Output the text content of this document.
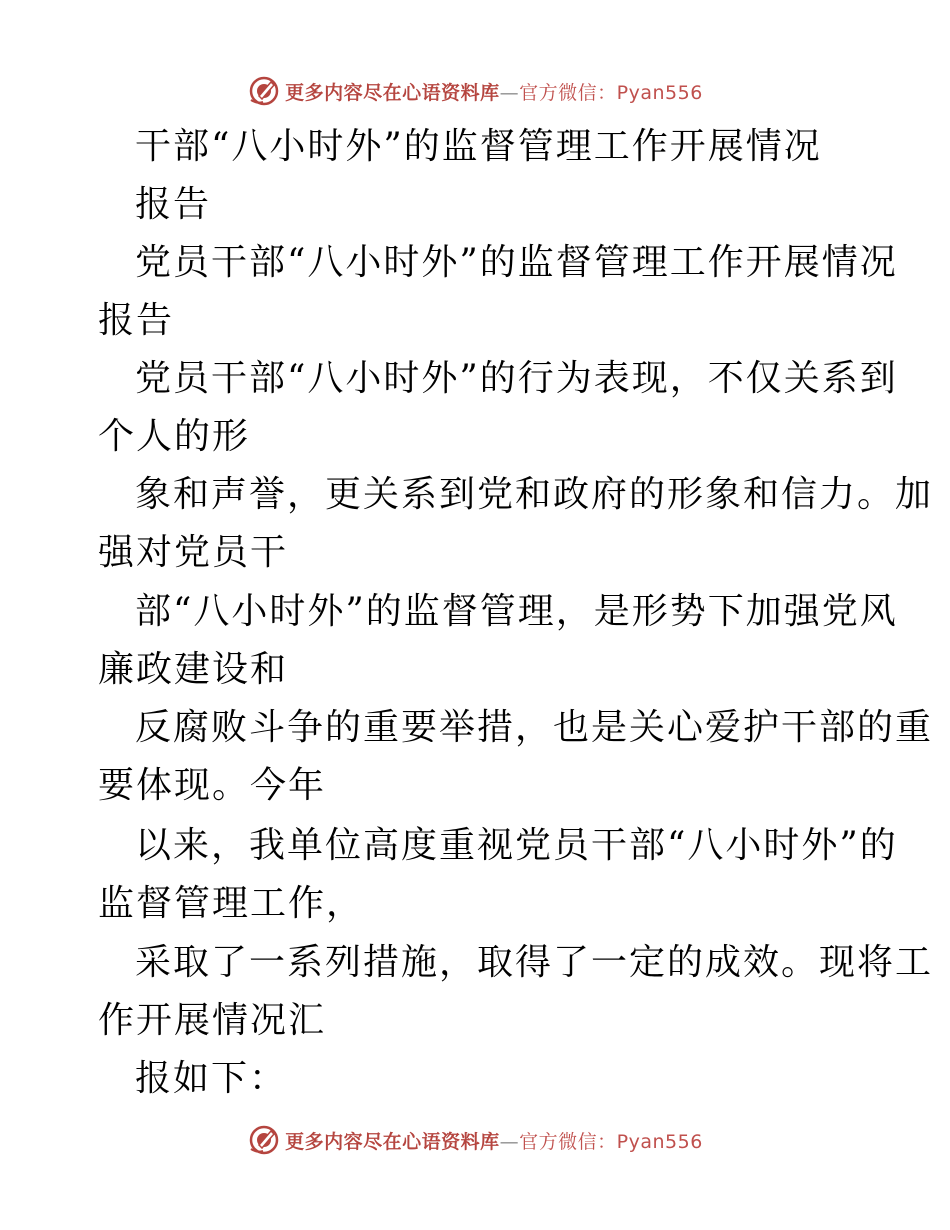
更多内容尽在心语资料库—官方微信：Pyan556
干部“八小时外”的监督管理工作开展情况
报告
党员干部“八小时外”的监督管理工作开展情况
报告
党员干部“八小时外”的行为表现，不仅关系到
个人的形
象和声誉，更关系到党和政府的形象和信力。加
强对党员干
部“八小时外”的监督管理，是形势下加强党风
廉政建设和
反腐败斗争的重要举措，也是关心爱护干部的重
要体现。今年
以来，我单位高度重视党员干部“八小时外”的
监督管理工作，
采取了一系列措施，取得了一定的成效。现将工
作开展情况汇
报如下：
更多内容尽在心语资料库—官方微信：Pyan556
